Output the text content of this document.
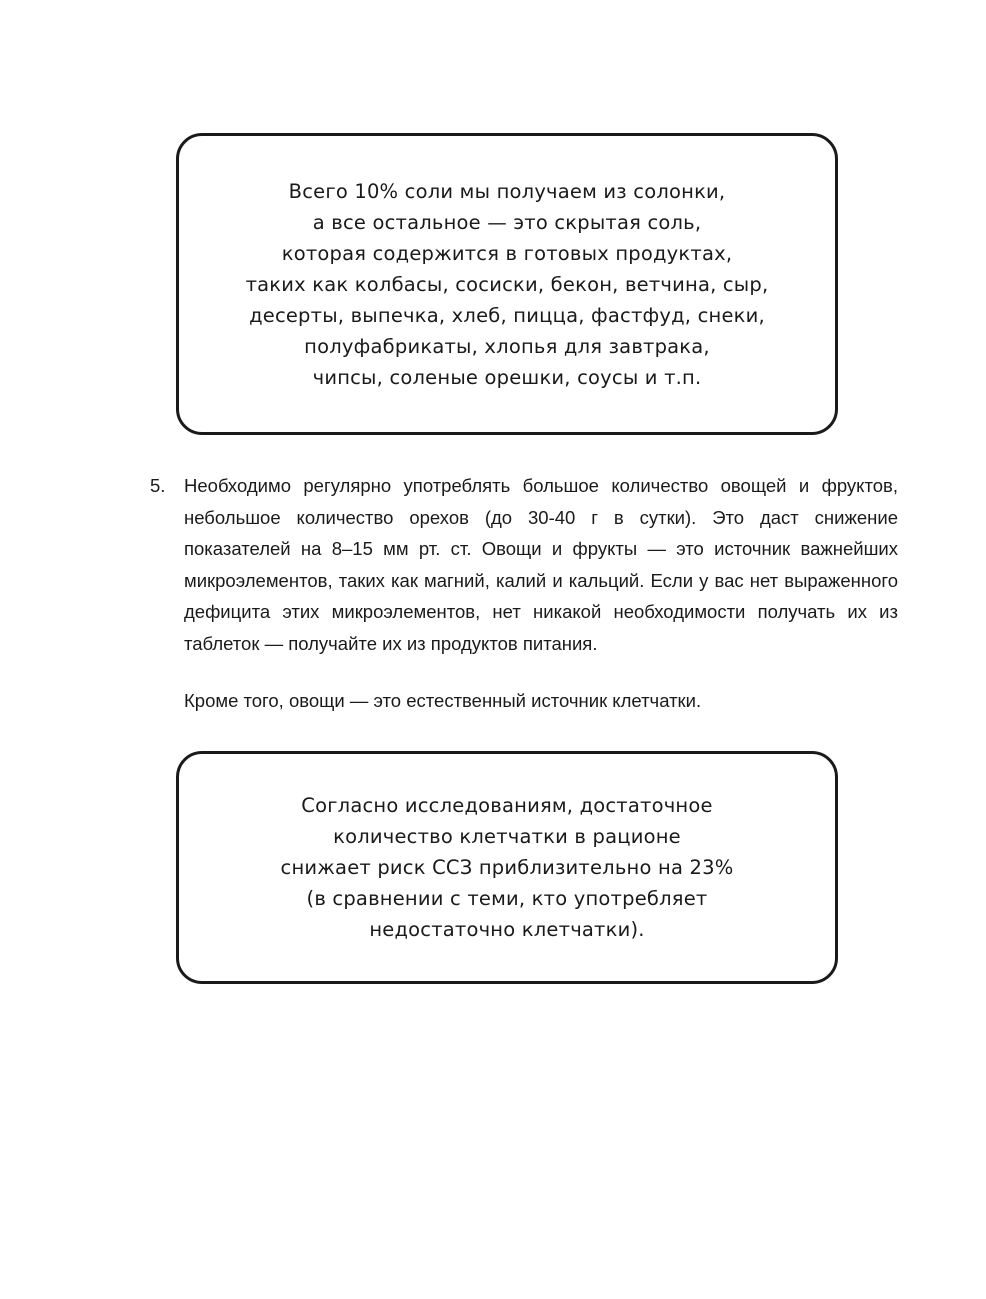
Всего 10% соли мы получаем из солонки,
а все остальное — это скрытая соль,
которая содержится в готовых продуктах,
таких как колбасы, сосиски, бекон, ветчина, сыр,
десерты, выпечка, хлеб, пицца, фастфуд, снеки,
полуфабрикаты, хлопья для завтрака,
чипсы, соленые орешки, соусы и т.п.
5.	Необходимо регулярно употреблять большое количество овощей и фруктов, небольшое количество орехов (до 30-40 г в сутки). Это даст снижение показателей на 8–15 мм рт. ст. Овощи и фрукты — это источник важнейших микроэлементов, таких как магний, калий и кальций. Если у вас нет выраженного дефицита этих микроэлементов, нет никакой необходимости получать их из таблеток — получайте их из продуктов питания.

Кроме того, овощи — это естественный источник клетчатки.

Согласно исследованиям, достаточное
количество клетчатки в рационе
снижает риск ССЗ приблизительно на 23%
(в сравнении с теми, кто употребляет
недостаточно клетчатки).
